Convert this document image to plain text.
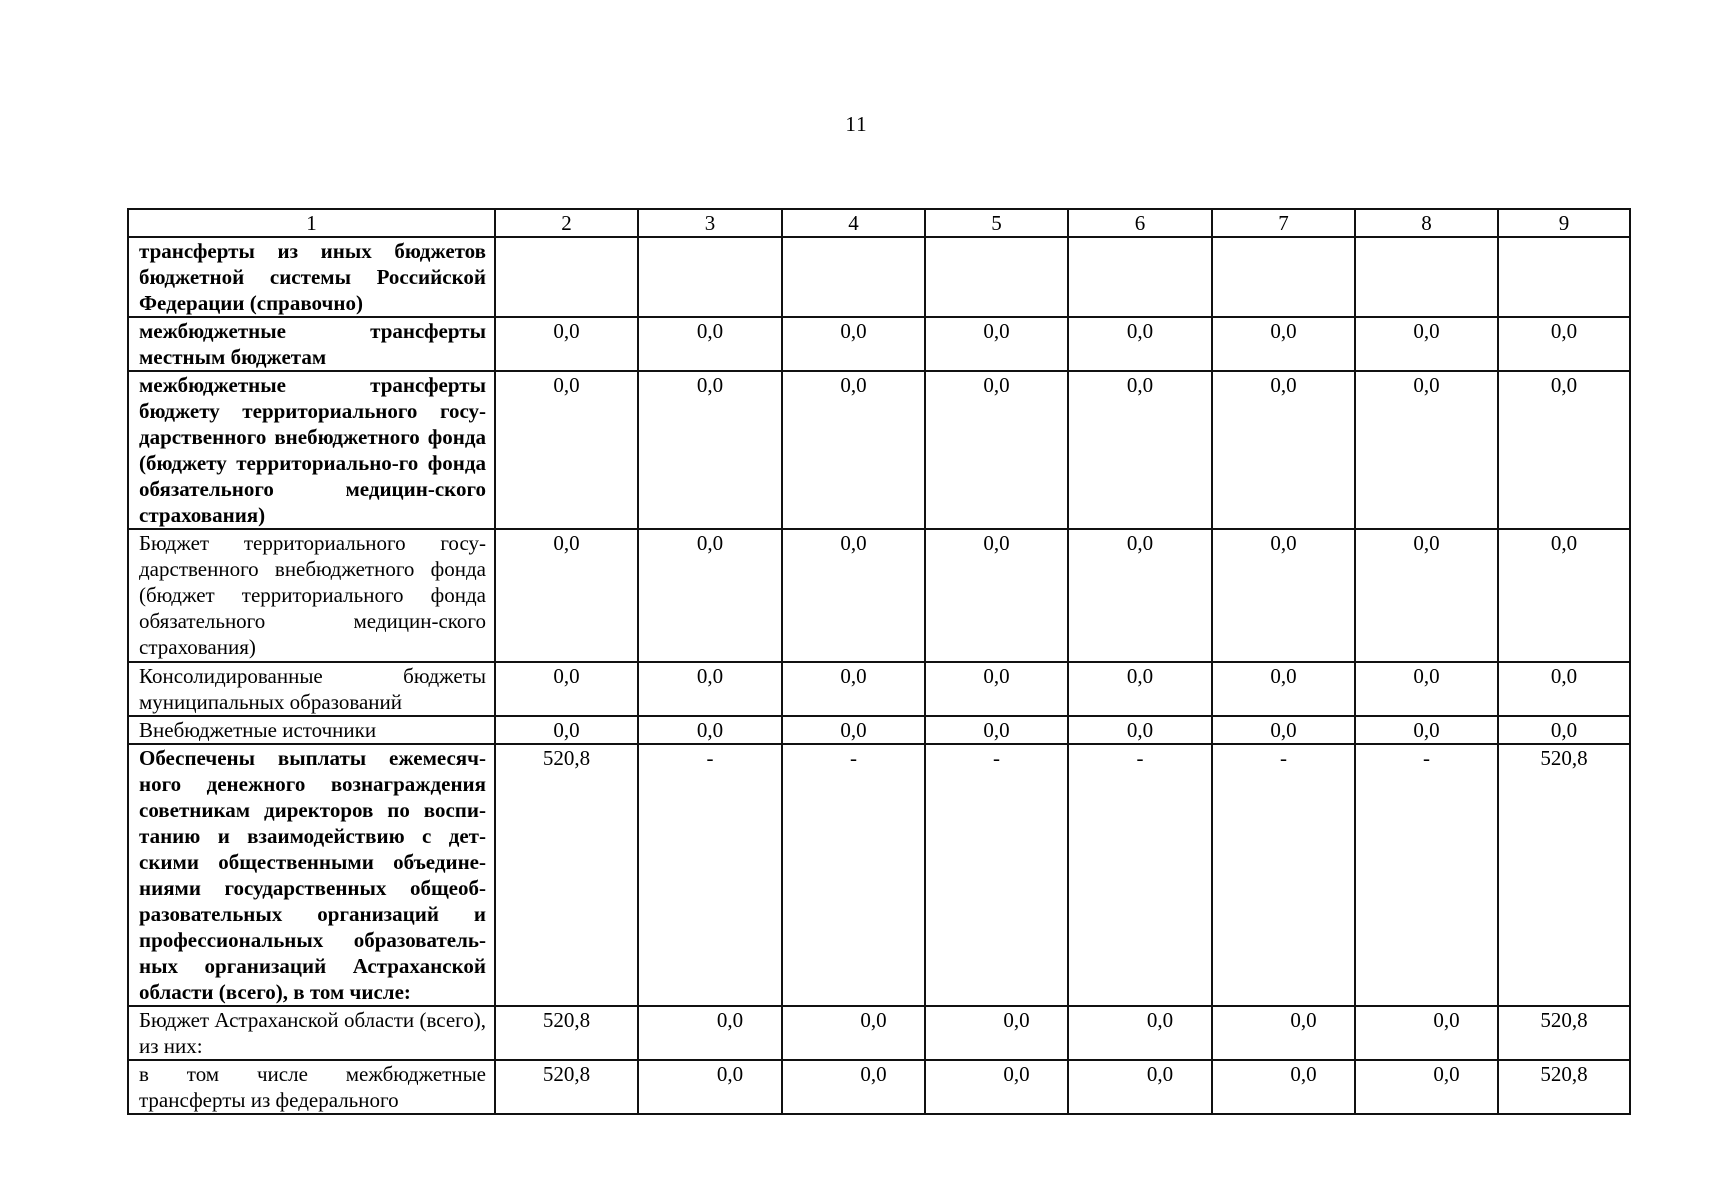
11
1	2	3	4	5	6	7	8	9
трансферты из иных бюджетов бюджетной системы Российской Федерации (справочно)								
межбюджетные трансферты местным бюджетам	0,0	0,0	0,0	0,0	0,0	0,0	0,0	0,0
межбюджетные трансферты бюджету территориального госу-дарственного внебюджетного фонда (бюджету территориально-го фонда обязательного медицин-ского страхования)	0,0	0,0	0,0	0,0	0,0	0,0	0,0	0,0
Бюджет территориального госу-дарственного внебюджетного фонда (бюджет территориального фонда обязательного медицин-ского страхования)	0,0	0,0	0,0	0,0	0,0	0,0	0,0	0,0
Консолидированные бюджеты муниципальных образований	0,0	0,0	0,0	0,0	0,0	0,0	0,0	0,0
Внебюджетные источники	0,0	0,0	0,0	0,0	0,0	0,0	0,0	0,0
Обеспечены выплаты ежемесяч-ного денежного вознаграждения советникам директоров по воспи-танию и взаимодействию с дет-скими общественными объедине-ниями государственных общеоб-разовательных организаций и профессиональных образователь-ных организаций Астраханской области (всего), в том числе:	520,8	-	-	-	-	-	-	520,8
Бюджет Астраханской области (всего), из них:	520,8	0,0	0,0	0,0	0,0	0,0	0,0	520,8
в том числе межбюджетные трансферты из федерального	520,8	0,0	0,0	0,0	0,0	0,0	0,0	520,8
